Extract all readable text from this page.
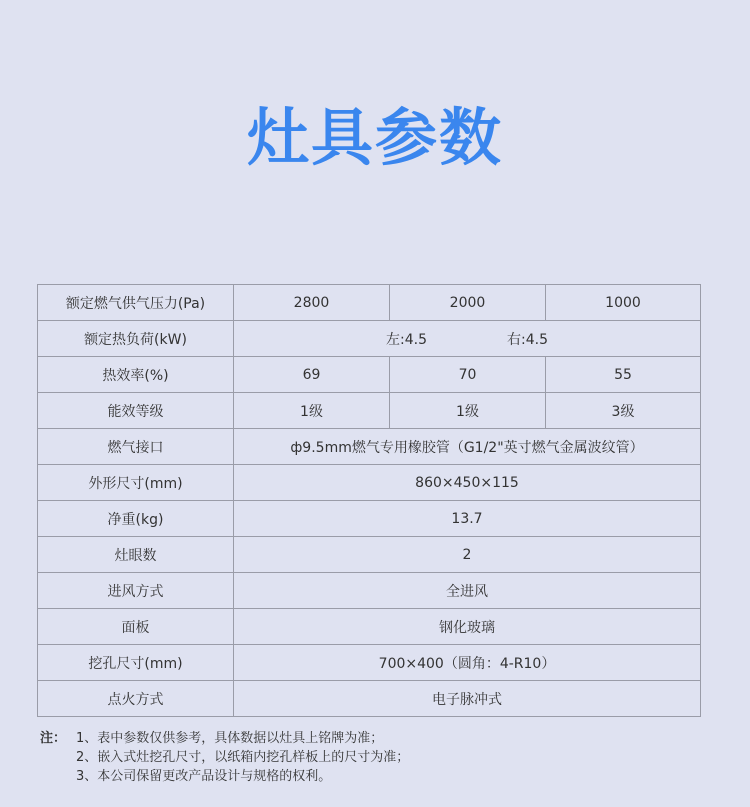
灶具参数
额定燃气供气压力(Pa)	2800	2000	1000
额定热负荷(kW)	左:4.5 右:4.5		
热效率(%)	69	70	55
能效等级	1级	1级	3级
燃气接口	ф9.5mm燃气专用橡胶管（G1/2"英寸燃气金属波纹管）		
外形尺寸(mm)	860×450×115		
净重(kg)	13.7		
灶眼数	2		
进风方式	全进风		
面板	钢化玻璃		
挖孔尺寸(mm)	700×400（圆角：4-R10）		
点火方式	电子脉冲式		
注： 1、表中参数仅供参考，具体数据以灶具上铭牌为准；
2、嵌入式灶挖孔尺寸，以纸箱内挖孔样板上的尺寸为准；
3、本公司保留更改产品设计与规格的权利。
